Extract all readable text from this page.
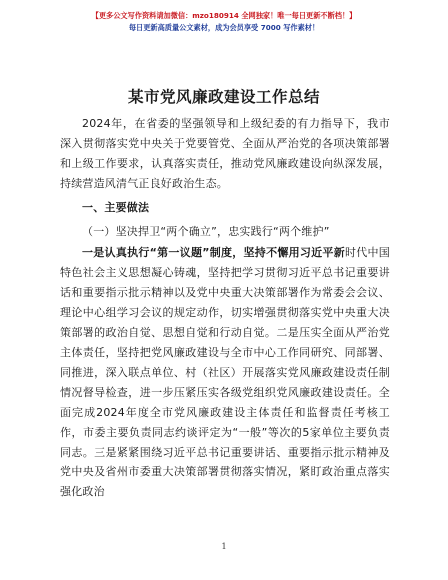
【更多公文写作资料请加微信：mzo180914 全网独家！唯一每日更新不断档！】
每日更新高质量公文素材，成为会员享受 7000 写作素材！
某市党风廉政建设工作总结

2024年，在省委的坚强领导和上级纪委的有力指导下，我市深入贯彻落实党中央关于党要管党、全面从严治党的各项决策部署和上级工作要求，认真落实责任，推动党风廉政建设向纵深发展，持续营造风清气正良好政治生态。

一、主要做法

（一）坚决捍卫“两个确立”，忠实践行“两个维护”

一是认真执行“第一议题”制度，坚持不懈用习近平新时代中国特色社会主义思想凝心铸魂，坚持把学习贯彻习近平总书记重要讲话和重要指示批示精神以及党中央重大决策部署作为常委会会议、理论中心组学习会议的规定动作，切实增强贯彻落实党中央重大决策部署的政治自觉、思想自觉和行动自觉。二是压实全面从严治党主体责任，坚持把党风廉政建设与全市中心工作同研究、同部署、同推进，深入联点单位、村（社区）开展落实党风廉政建设责任制情况督导检查，进一步压紧压实各级党组织党风廉政建设责任。全面完成2024年度全市党风廉政建设主体责任和监督责任考核工作，市委主要负责同志约谈评定为“一般”等次的5家单位主要负责同志。三是紧紧围绕习近平总书记重要讲话、重要指示批示精神及党中央及省州市委重大决策部署贯彻落实情况，紧盯政治重点落实强化政治

1
